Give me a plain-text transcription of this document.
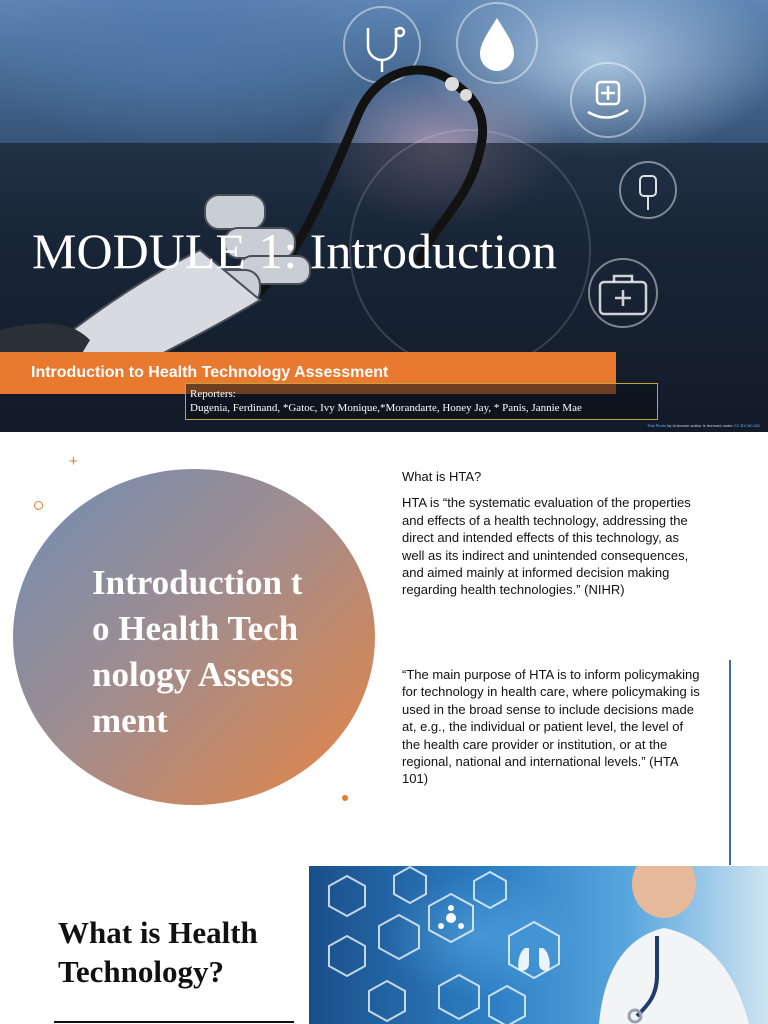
MODULE 1: Introduction

Introduction to Health Technology Assessment

Reporters:
Dugenia, Ferdinand, *Gatoc, Ivy Monique,*Morandarte, Honey Jay, * Panis, Jannie Mae
This Photo by Unknown author is licensed under CC BY-NC-ND
+
Introduction to Health Technology Assessment

What is HTA?

HTA is “the systematic evaluation of the properties and effects of a health technology, addressing the direct and intended effects of this technology, as well as its indirect and unintended consequences, and aimed mainly at informed decision making regarding health technologies.” (NIHR)

“The main purpose of HTA is to inform policymaking for technology in health care, where policymaking is used in the broad sense to include decisions made at, e.g., the individual or patient level, the level of the health care provider or institution, or at the regional, national and international levels.” (HTA 101)

What is Health Technology?
